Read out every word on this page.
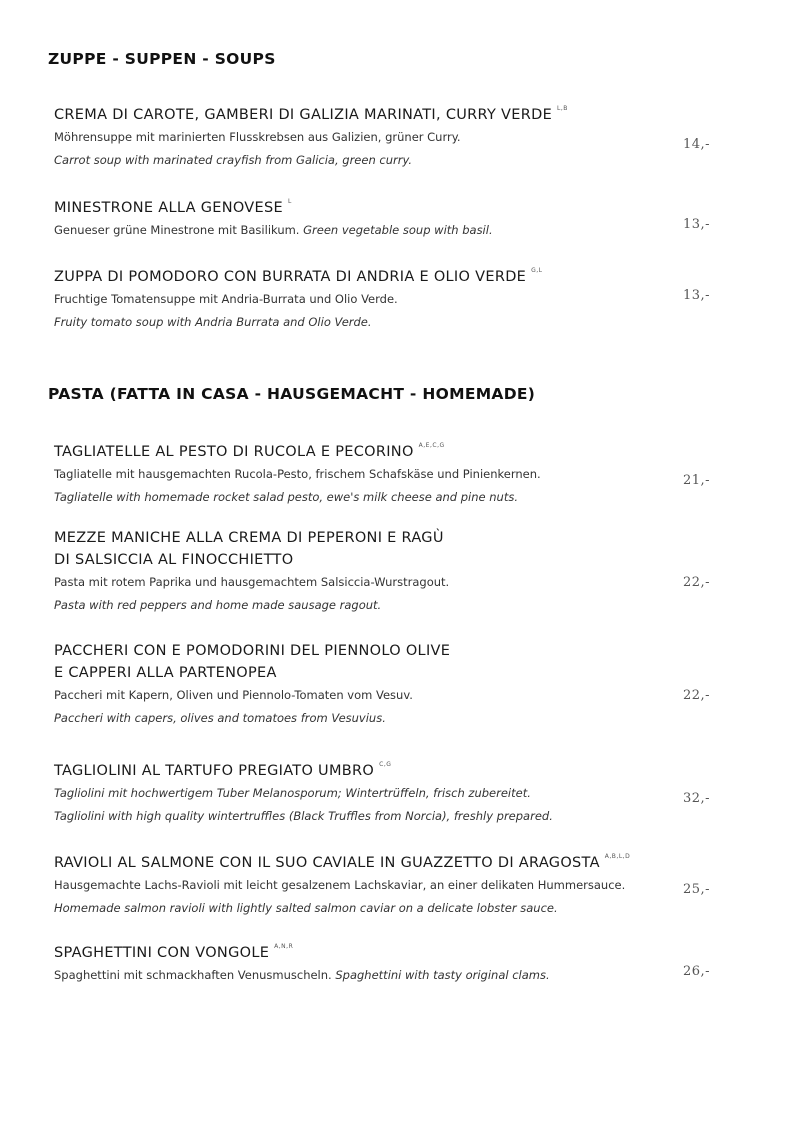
ZUPPE - SUPPEN - SOUPS
CREMA DI CAROTE, GAMBERI DI GALIZIA MARINATI, CURRY VERDE $^{L,B}$
Möhrensuppe mit marinierten Flusskrebsen aus Galizien, grüner Curry.
Carrot soup with marinated crayfish from Galicia, green curry.
14,-
MINESTRONE ALLA GENOVESE $^L$
Genueser grüne Minestrone mit Basilikum. Green vegetable soup with basil.	13,-
ZUPPA DI POMODORO CON BURRATA DI ANDRIA E OLIO VERDE $^{G,L}$
Fruchtige Tomatensuppe mit Andria-Burrata und Olio Verde.
Fruity tomato soup with Andria Burrata and Olio Verde.
13,-
PASTA (FATTA IN CASA - HAUSGEMACHT - HOMEMADE)
TAGLIATELLE AL PESTO DI RUCOLA E PECORINO $^{A,E,C,G}$
Tagliatelle mit hausgemachten Rucola-Pesto, frischem Schafskäse und Pinienkernen.
Tagliatelle with homemade rocket salad pesto, ewe's milk cheese and pine nuts.
21,-
MEZZE MANICHE ALLA CREMA DI PEPERONI E RAGÙ
DI SALSICCIA AL FINOCCHIETTO
Pasta mit rotem Paprika und hausgemachtem Salsiccia-Wurstragout.
Pasta with red peppers and home made sausage ragout.
22,-
PACCHERI CON E POMODORINI DEL PIENNOLO OLIVE
E CAPPERI ALLA PARTENOPEA
Paccheri mit Kapern, Oliven und Piennolo-Tomaten vom Vesuv.
Paccheri with capers, olives and tomatoes from Vesuvius.
22,-
TAGLIOLINI AL TARTUFO PREGIATO UMBRO $^{C,G}$
Tagliolini mit hochwertigem Tuber Melanosporum; Wintertrüffeln, frisch zubereitet.
Tagliolini with high quality wintertruffles (Black Truffles from Norcia), freshly prepared.
32,-
RAVIOLI AL SALMONE CON IL SUO CAVIALE IN GUAZZETTO DI ARAGOSTA $^{A,B,L,D}$
Hausgemachte Lachs-Ravioli mit leicht gesalzenem Lachskaviar, an einer delikaten Hummersauce.
Homemade salmon ravioli with lightly salted salmon caviar on a delicate lobster sauce.
25,-
SPAGHETTINI CON VONGOLE $^{A,N,R}$
Spaghettini mit schmackhaften Venusmuscheln. Spaghettini with tasty original clams.	26,-
